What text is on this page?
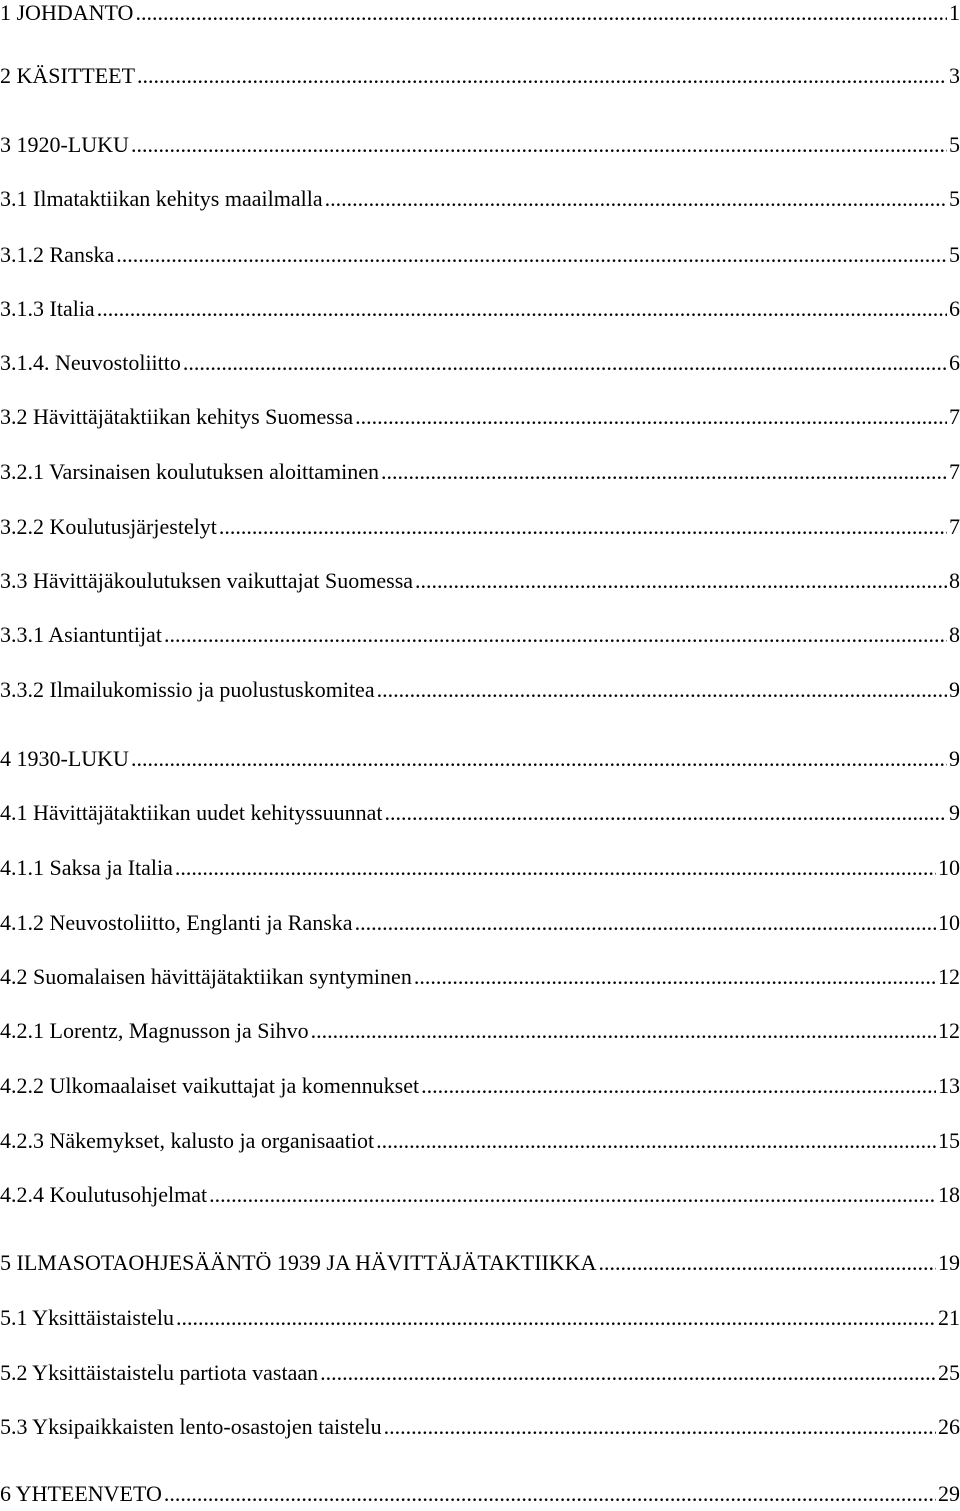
1 JOHDANTO .....	1
2 KÄSITTEET .....	3
3 1920-LUKU .....	5
3.1 Ilmataktiikan kehitys maailmalla .....	5
3.1.2 Ranska .....	5
3.1.3 Italia .....	6
3.1.4. Neuvostoliitto .....	6
3.2 Hävittäjätaktiikan kehitys Suomessa .....	7
3.2.1 Varsinaisen koulutuksen aloittaminen .....	7
3.2.2 Koulutusjärjestelyt .....	7
3.3 Hävittäjäkoulutuksen vaikuttajat Suomessa .....	8
3.3.1 Asiantuntijat .....	8
3.3.2 Ilmailukomissio ja puolustuskomitea .....	9
4 1930-LUKU .....	9
4.1 Hävittäjätaktiikan uudet kehityssuunnat .....	9
4.1.1 Saksa ja Italia .....	10
4.1.2 Neuvostoliitto, Englanti ja Ranska .....	10
4.2 Suomalaisen hävittäjätaktiikan syntyminen .....	12
4.2.1 Lorentz, Magnusson ja Sihvo .....	12
4.2.2 Ulkomaalaiset vaikuttajat ja komennukset .....	13
4.2.3 Näkemykset, kalusto ja organisaatiot .....	15
4.2.4 Koulutusohjelmat .....	18
5 ILMASOTAOHJESÄÄNTÖ 1939 JA HÄVITTÄJÄTAKTIIKKA .....	19
5.1 Yksittäistaistelu .....	21
5.2 Yksittäistaistelu partiota vastaan .....	25
5.3 Yksipaikkaisten lento-osastojen taistelu .....	26
6 YHTEENVETO .....	29
